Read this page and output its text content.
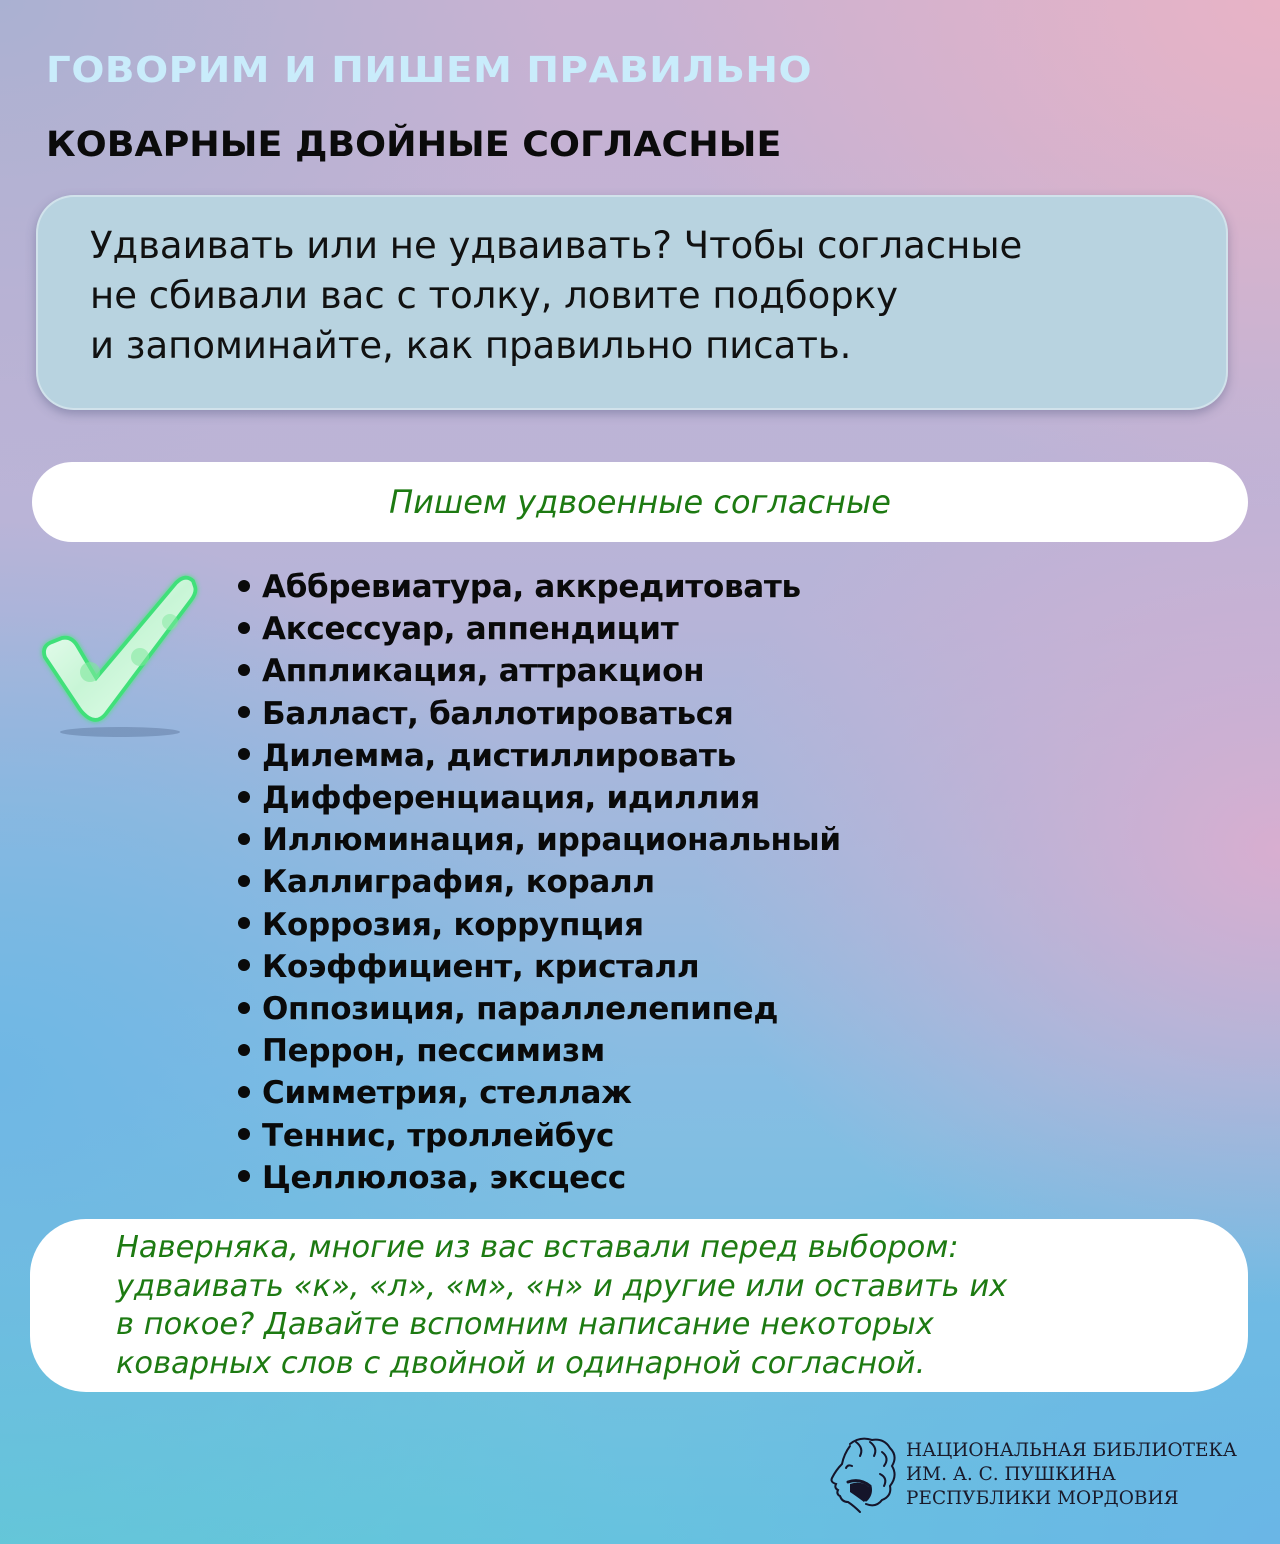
ГОВОРИМ И ПИШЕМ ПРАВИЛЬНО
КОВАРНЫЕ ДВОЙНЫЕ СОГЛАСНЫЕ

Удваивать или не удваивать? Чтобы согласные
не сбивали вас с толку, ловите подборку
и запоминайте, как правильно писать.

Пишем удвоенные согласные
Аббревиатура, аккредитовать
Аксессуар, аппендицит
Аппликация, аттракцион
Балласт, баллотироваться
Дилемма, дистиллировать
Дифференциация, идиллия
Иллюминация, иррациональный
Каллиграфия, коралл
Коррозия, коррупция
Коэффициент, кристалл
Оппозиция, параллелепипед
Перрон, пессимизм
Симметрия, стеллаж
Теннис, троллейбус
Целлюлоза, эксцесс

Наверняка, многие из вас вставали перед выбором:
удваивать «к», «л», «м», «н» и другие или оставить их
в покое? Давайте вспомним написание некоторых
коварных слов с двойной и одинарной согласной.

НАЦИОНАЛЬНАЯ БИБЛИОТЕКА
ИМ. А. С. ПУШКИНА
РЕСПУБЛИКИ МОРДОВИЯ
